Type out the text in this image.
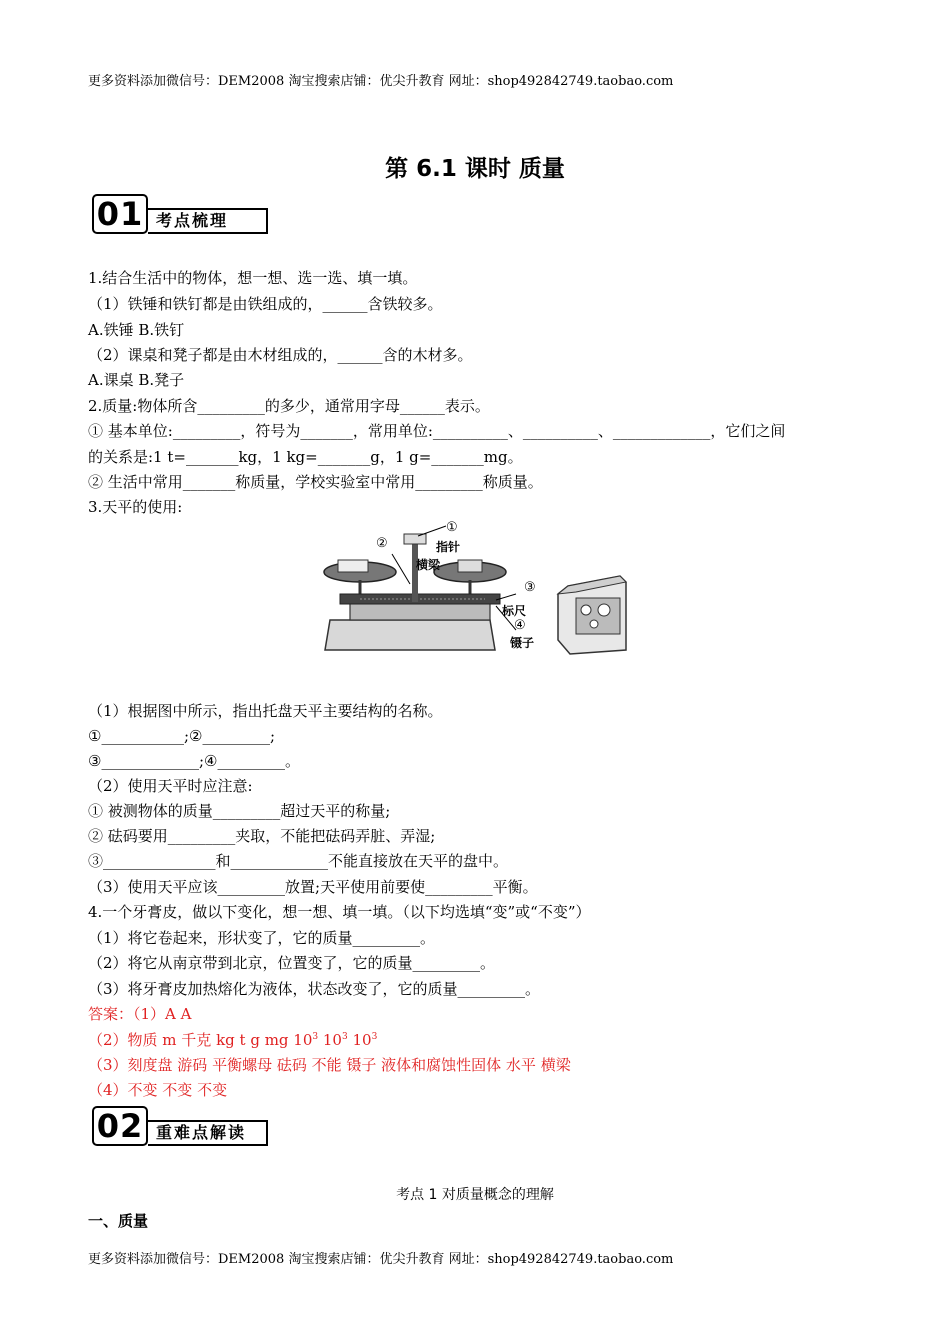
更多资料添加微信号：DEM2008 淘宝搜索店铺：优尖升教育 网址：shop492842749.taobao.com
第 6.1 课时 质量
01 考点梳理
1.结合生活中的物体，想一想、选一选、填一填。
（1）铁锤和铁钉都是由铁组成的，______含铁较多。
A.铁锤 B.铁钉
（2）课桌和凳子都是由木材组成的，______含的木材多。
A.课桌 B.凳子
2.质量:物体所含_________的多少，通常用字母______表示。
① 基本单位:_________，符号为_______，常用单位:__________、__________、_____________，它们之间
的关系是:1 t=_______kg，1 kg=_______g，1 g=_______mg。
② 生活中常用_______称质量，学校实验室中常用_________称质量。
3.天平的使用:
①
指针
②
横梁
③
标尺
④
镊子
（1）根据图中所示，指出托盘天平主要结构的名称。
①___________;②_________;
③_____________;④_________。
（2）使用天平时应注意:
① 被测物体的质量_________超过天平的称量;
② 砝码要用_________夹取，不能把砝码弄脏、弄湿;
③_______________和_____________不能直接放在天平的盘中。
（3）使用天平应该_________放置;天平使用前要使_________平衡。
4.一个牙膏皮，做以下变化，想一想、填一填。（以下均选填“变”或“不变”）
（1）将它卷起来，形状变了，它的质量_________。
（2）将它从南京带到北京，位置变了，它的质量_________。
（3）将牙膏皮加热熔化为液体，状态改变了，它的质量_________。
答案：（1）A A
（2）物质 m 千克 kg t g mg $10^3$ $10^3$ $10^3$
（3）刻度盘 游码 平衡螺母 砝码 不能 镊子 液体和腐蚀性固体 水平 横梁
（4）不变 不变 不变
02 重难点解读
考点 1 对质量概念的理解
一、质量
更多资料添加微信号：DEM2008 淘宝搜索店铺：优尖升教育 网址：shop492842749.taobao.com
